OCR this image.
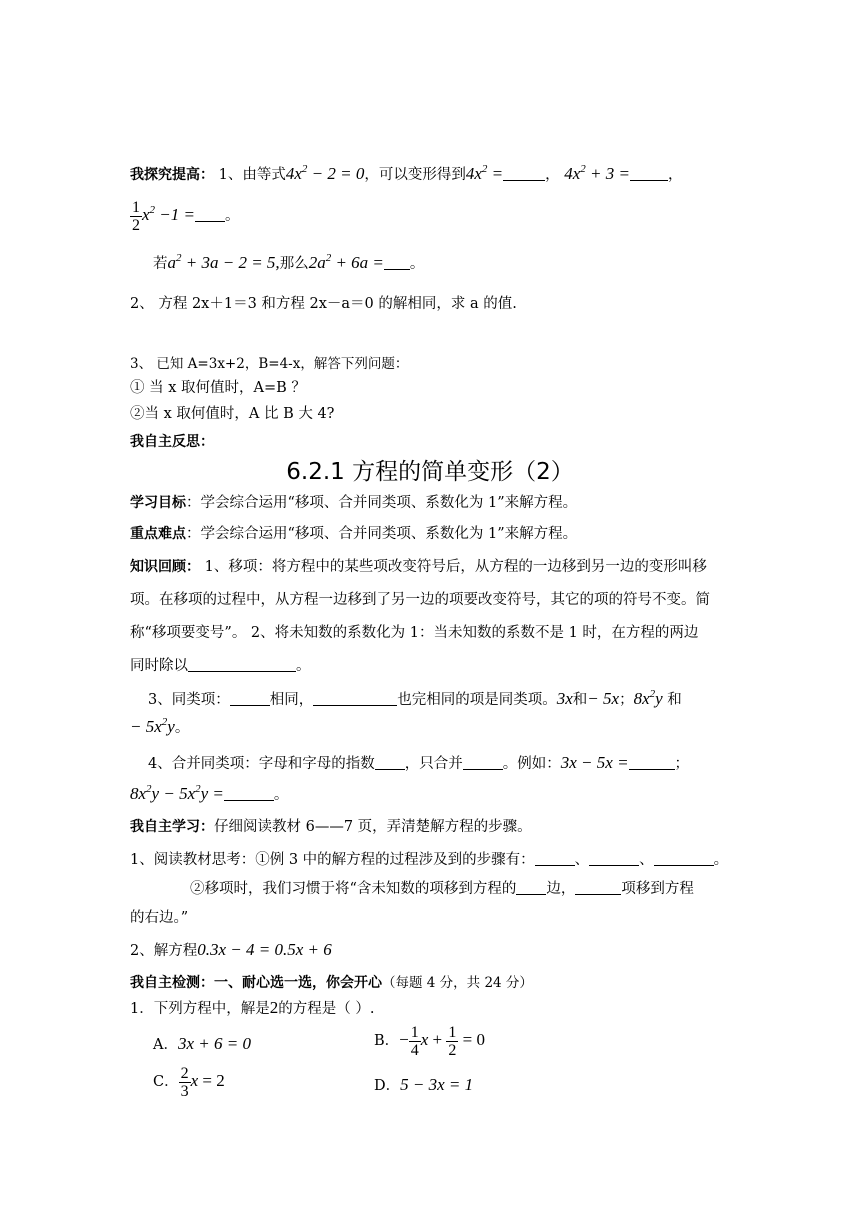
我探究提高： 1、由等式$4x^2 - 2 = 0$，可以变形得到$4x^2$ =	， $4x^2 + 3$ =	，
$\frac{1}{2} x^2 -1$ = 。
若$a^2 + 3a - 2 = 5$,那么$2a^2 + 6a$ = 。
2、 方程 2x＋1＝3 和方程 2x－a＝0 的解相同，求 a 的值.
3、 已知 A=3x+2，B=4-x，解答下列问题：
① 当 x 取何值时，A=B ？
②当 x 取何值时，A 比 B 大 4?
我自主反思：
6.2.1 方程的简单变形（2）
学习目标：学会综合运用“移项、合并同类项、系数化为 1”来解方程。
重点难点：学会综合运用“移项、合并同类项、系数化为 1”来解方程。
知识回顾： 1、移项：将方程中的某些项改变符号后，从方程的一边移到另一边的变形叫移
项。在移项的过程中，从方程一边移到了另一边的项要改变符号，其它的项的符号不变。简
称“移项要变号”。 2、将未知数的系数化为 1：当未知数的系数不是 1 时，在方程的两边
同时除以	。
3、同类项：	相同，	也完相同的项是同类项。3x和− 5x；$8x^2y$ 和
− $5x^2y$。
4、合并同类项：字母和字母的指数 ，只合并	。例如：3x − 5x =	；
$8x^2y - 5x^2y$ =	。
我自主学习：仔细阅读教材 6——7 页，弄清楚解方程的步骤。
1、阅读教材思考：①例 3 中的解方程的过程涉及到的步骤有：	、	、	。
②移项时，我们习惯于将“含未知数的项移到方程的 边，	项移到方程
的右边。”
2、解方程0.3x − 4 = 0.5x + 6
我自主检测：一、耐心选一选，你会开心（每题 4 分，共 24 分）
1．下列方程中，解是2的方程是（ ）.
A．3x + 6 = 0	B．− $\frac{1}{4}$ $x + \frac{1}{2} = 0$
C． $\frac{2}{3}$ x = 2	D．5 − 3x = 1
